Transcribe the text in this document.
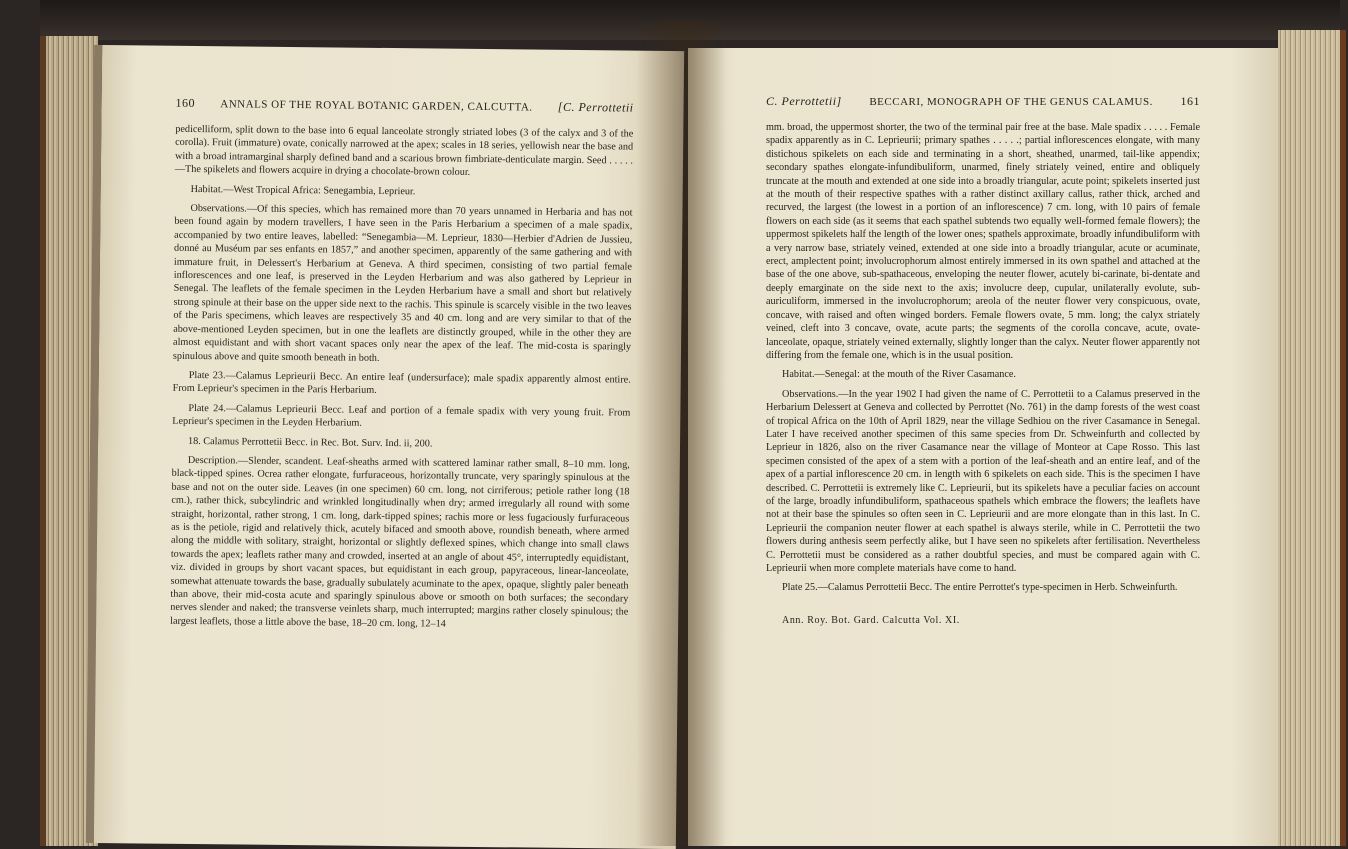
160 ANNALS OF THE ROYAL BOTANIC GARDEN, CALCUTTA. [C. Perrottetii

pedicelliform, split down to the base into 6 equal lanceolate strongly striated lobes (3 of the calyx and 3 of the corolla). Fruit (immature) ovate, conically narrowed at the apex; scales in 18 series, yellowish near the base and with a broad intramarginal sharply defined band and a scarious brown fimbriate-denticulate margin. Seed . . . . . —The spikelets and flowers acquire in drying a chocolate-brown colour.

Habitat.—West Tropical Africa: Senegambia, Leprieur.

Observations.—Of this species, which has remained more than 70 years unnamed in Herbaria and has not been found again by modern travellers, I have seen in the Paris Herbarium a specimen of a male spadix, accompanied by two entire leaves, labelled: “Senegambia—M. Leprieur, 1830—Herbier d'Adrien de Jussieu, donné au Muséum par ses enfants en 1857,” and another specimen, apparently of the same gathering and with immature fruit, in Delessert's Herbarium at Geneva. A third specimen, consisting of two partial female inflorescences and one leaf, is preserved in the Leyden Herbarium and was also gathered by Leprieur in Senegal. The leaflets of the female specimen in the Leyden Herbarium have a small and short but relatively strong spinule at their base on the upper side next to the rachis. This spinule is scarcely visible in the two leaves of the Paris specimens, which leaves are respectively 35 and 40 cm. long and are very similar to that of the above-mentioned Leyden specimen, but in one the leaflets are distinctly grouped, while in the other they are almost equidistant and with short vacant spaces only near the apex of the leaf. The mid-costa is sparingly spinulous above and quite smooth beneath in both.

Plate 23.—Calamus Leprieurii Becc. An entire leaf (undersurface); male spadix apparently almost entire. From Leprieur's specimen in the Paris Herbarium.

Plate 24.—Calamus Leprieurii Becc. Leaf and portion of a female spadix with very young fruit. From Leprieur's specimen in the Leyden Herbarium.

18. Calamus Perrottetii Becc. in Rec. Bot. Surv. Ind. ii, 200.

Description.—Slender, scandent. Leaf-sheaths armed with scattered laminar rather small, 8–10 mm. long, black-tipped spines. Ocrea rather elongate, furfuraceous, horizontally truncate, very sparingly spinulous at the base and not on the outer side. Leaves (in one specimen) 60 cm. long, not cirriferous; petiole rather long (18 cm.), rather thick, subcylindric and wrinkled longitudinally when dry; armed irregularly all round with some straight, horizontal, rather strong, 1 cm. long, dark-tipped spines; rachis more or less fugaciously furfuraceous as is the petiole, rigid and relatively thick, acutely bifaced and smooth above, roundish beneath, where armed along the middle with solitary, straight, horizontal or slightly deflexed spines, which change into small claws towards the apex; leaflets rather many and crowded, inserted at an angle of about 45°, interruptedly equidistant, viz. divided in groups by short vacant spaces, but equidistant in each group, papyraceous, linear-lanceolate, somewhat attenuate towards the base, gradually subulately acuminate to the apex, opaque, slightly paler beneath than above, their mid-costa acute and sparingly spinulous above or smooth on both surfaces; the secondary nerves slender and naked; the transverse veinlets sharp, much interrupted; margins rather closely spinulous; the largest leaflets, those a little above the base, 18–20 cm. long, 12–14

C. Perrottetii]	BECCARI, MONOGRAPH OF THE GENUS CALAMUS. 161

mm. broad, the uppermost shorter, the two of the terminal pair free at the base. Male spadix . . . . . Female spadix apparently as in C. Leprieurii; primary spathes . . . . .; partial inflorescences elongate, with many distichous spikelets on each side and terminating in a short, sheathed, unarmed, tail-like appendix; secondary spathes elongate-infundibuliform, unarmed, finely striately veined, entire and obliquely truncate at the mouth and extended at one side into a broadly triangular, acute point; spikelets inserted just at the mouth of their respective spathes with a rather distinct axillary callus, rather thick, arched and recurved, the largest (the lowest in a portion of an inflorescence) 7 cm. long, with 10 pairs of female flowers on each side (as it seems that each spathel subtends two equally well-formed female flowers); the uppermost spikelets half the length of the lower ones; spathels approximate, broadly infundibuliform with a very narrow base, striately veined, extended at one side into a broadly triangular, acute or acuminate, erect, amplectent point; involucrophorum almost entirely immersed in its own spathel and attached at the base of the one above, sub-spathaceous, enveloping the neuter flower, acutely bi-carinate, bi-dentate and deeply emarginate on the side next to the axis; involucre deep, cupular, unilaterally evolute, sub-auriculiform, immersed in the involucrophorum; areola of the neuter flower very conspicuous, ovate, concave, with raised and often winged borders. Female flowers ovate, 5 mm. long; the calyx striately veined, cleft into 3 concave, ovate, acute parts; the segments of the corolla concave, acute, ovate-lanceolate, opaque, striately veined externally, slightly longer than the calyx. Neuter flower apparently not differing from the female one, which is in the usual position.

Habitat.—Senegal: at the mouth of the River Casamance.

Observations.—In the year 1902 I had given the name of C. Perrottetii to a Calamus preserved in the Herbarium Delessert at Geneva and collected by Perrottet (No. 761) in the damp forests of the west coast of tropical Africa on the 10th of April 1829, near the village Sedhiou on the river Casamance in Senegal. Later I have received another specimen of this same species from Dr. Schweinfurth and collected by Leprieur in 1826, also on the river Casamance near the village of Monteor at Cape Rosso. This last specimen consisted of the apex of a stem with a portion of the leaf-sheath and an entire leaf, and of the apex of a partial inflorescence 20 cm. in length with 6 spikelets on each side. This is the specimen I have described. C. Perrottetii is extremely like C. Leprieurii, but its spikelets have a peculiar facies on account of the large, broadly infundibuliform, spathaceous spathels which embrace the flowers; the leaflets have not at their base the spinules so often seen in C. Leprieurii and are more elongate than in this last. In C. Leprieurii the companion neuter flower at each spathel is always sterile, while in C. Perrottetii the two flowers during anthesis seem perfectly alike, but I have seen no spikelets after fertilisation. Nevertheless C. Perrottetii must be considered as a rather doubtful species, and must be compared again with C. Leprieurii when more complete materials have come to hand.

Plate 25.—Calamus Perrottetii Becc. The entire Perrottet's type-specimen in Herb. Schweinfurth.

Ann. Roy. Bot. Gard. Calcutta Vol. XI.
